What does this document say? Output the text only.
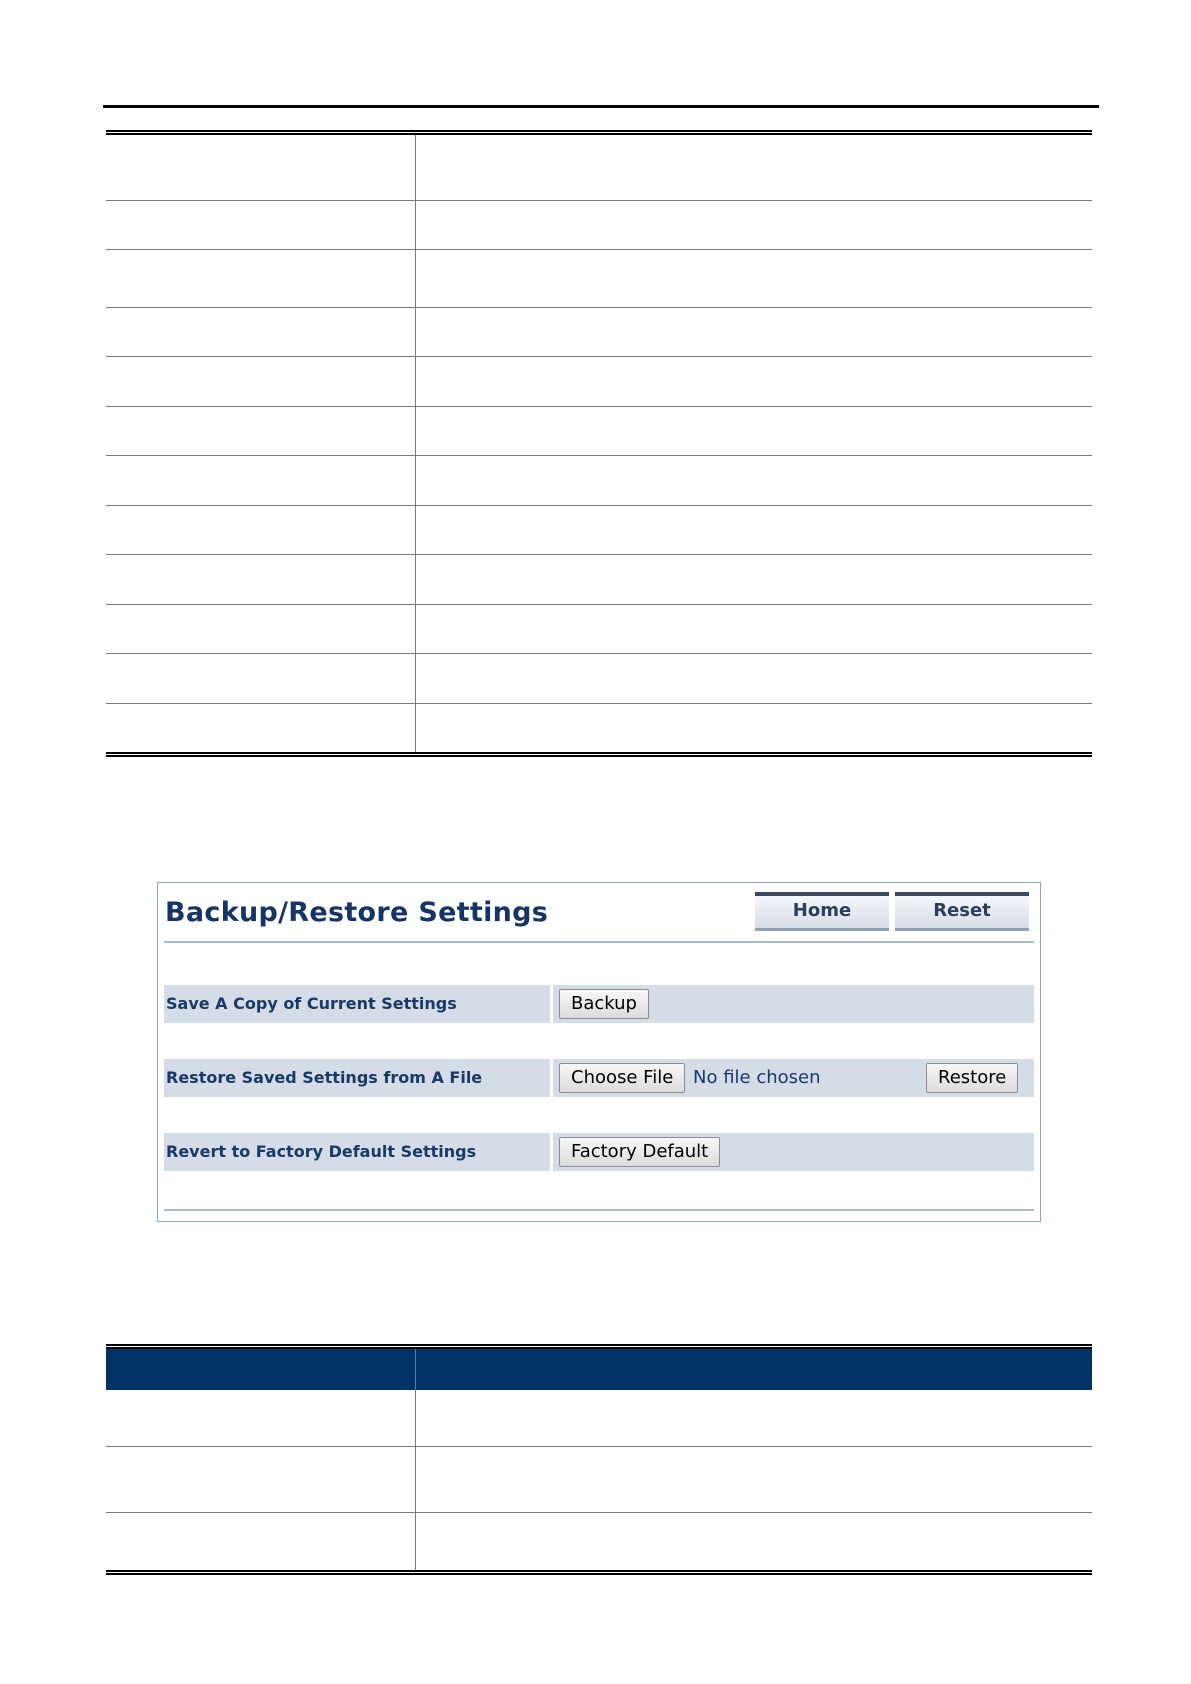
Backup/Restore Settings	Home	Reset
Save A Copy of Current Settings	Backup
Restore Saved Settings from A File	Choose File	No file chosen	Restore
Revert to Factory Default Settings	Factory Default
